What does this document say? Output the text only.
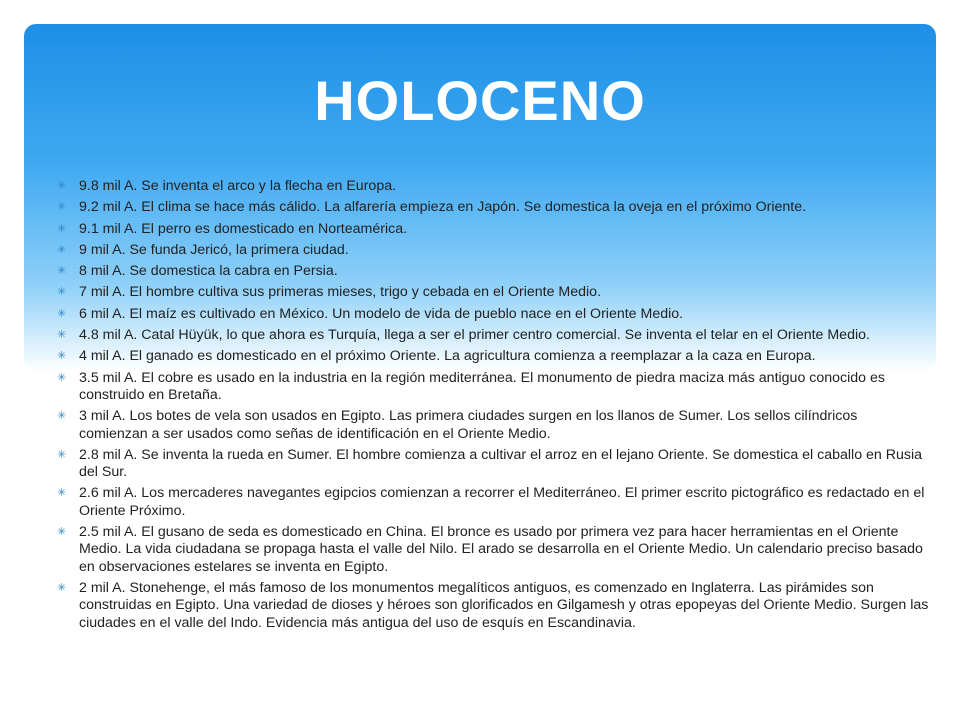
HOLOCENO
✳ 9.8 mil A. Se inventa el arco y la flecha en Europa.
✳ 9.2 mil A. El clima se hace más cálido. La alfarería empieza en Japón. Se domestica la oveja en el próximo Oriente.
✳ 9.1 mil A. El perro es domesticado en Norteamérica.
✳ 9 mil A. Se funda Jericó, la primera ciudad.
✳ 8 mil A. Se domestica la cabra en Persia.
✳ 7 mil A. El hombre cultiva sus primeras mieses, trigo y cebada en el Oriente Medio.
✳ 6 mil A. El maíz es cultivado en México. Un modelo de vida de pueblo nace en el Oriente Medio.
✳ 4.8 mil A. Catal Hüyük, lo que ahora es Turquía, llega a ser el primer centro comercial. Se inventa el telar en el Oriente Medio.
✳ 4 mil A. El ganado es domesticado en el próximo Oriente. La agricultura comienza a reemplazar a la caza en Europa.
✳ 3.5 mil A. El cobre es usado en la industria en la región mediterránea. El monumento de piedra maciza más antiguo conocido es construido en Bretaña.
✳ 3 mil A. Los botes de vela son usados en Egipto. Las primera ciudades surgen en los llanos de Sumer. Los sellos cilíndricos comienzan a ser usados como señas de identificación en el Oriente Medio.
✳ 2.8 mil A. Se inventa la rueda en Sumer. El hombre comienza a cultivar el arroz en el lejano Oriente. Se domestica el caballo en Rusia del Sur.
✳ 2.6 mil A. Los mercaderes navegantes egipcios comienzan a recorrer el Mediterráneo. El primer escrito pictográfico es redactado en el Oriente Próximo.
✳ 2.5 mil A. El gusano de seda es domesticado en China. El bronce es usado por primera vez para hacer herramientas en el Oriente Medio. La vida ciudadana se propaga hasta el valle del Nilo. El arado se desarrolla en el Oriente Medio. Un calendario preciso basado en observaciones estelares se inventa en Egipto.
✳ 2 mil A. Stonehenge, el más famoso de los monumentos megalíticos antiguos, es comenzado en Inglaterra. Las pirámides son construidas en Egipto. Una variedad de dioses y héroes son glorificados en Gilgamesh y otras epopeyas del Oriente Medio. Surgen las ciudades en el valle del Indo. Evidencia más antigua del uso de esquís en Escandinavia.
